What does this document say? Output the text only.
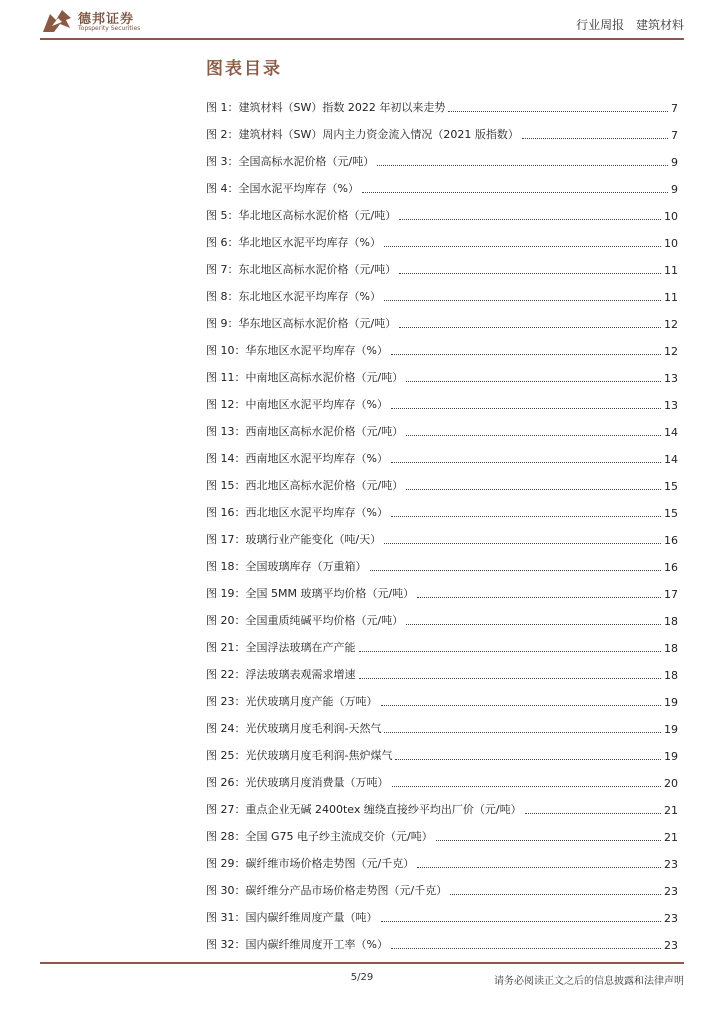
德邦证券
Topsperity Securities	行业周报 建筑材料
图表目录
图 1：建筑材料（SW）指数 2022 年初以来走势	7
图 2：建筑材料（SW）周内主力资金流入情况（2021 版指数）	7
图 3：全国高标水泥价格（元/吨）	9
图 4：全国水泥平均库存（%）	9
图 5：华北地区高标水泥价格（元/吨）	10
图 6：华北地区水泥平均库存（%）	10
图 7：东北地区高标水泥价格（元/吨）	11
图 8：东北地区水泥平均库存（%）	11
图 9：华东地区高标水泥价格（元/吨）	12
图 10：华东地区水泥平均库存（%）	12
图 11：中南地区高标水泥价格（元/吨）	13
图 12：中南地区水泥平均库存（%）	13
图 13：西南地区高标水泥价格（元/吨）	14
图 14：西南地区水泥平均库存（%）	14
图 15：西北地区高标水泥价格（元/吨）	15
图 16：西北地区水泥平均库存（%）	15
图 17：玻璃行业产能变化（吨/天）	16
图 18：全国玻璃库存（万重箱）	16
图 19：全国 5MM 玻璃平均价格（元/吨）	17
图 20：全国重质纯碱平均价格（元/吨）	18
图 21：全国浮法玻璃在产产能	18
图 22：浮法玻璃表观需求增速	18
图 23：光伏玻璃月度产能（万吨）	19
图 24：光伏玻璃月度毛利润-天然气	19
图 25：光伏玻璃月度毛利润-焦炉煤气	19
图 26：光伏玻璃月度消费量（万吨）	20
图 27：重点企业无碱 2400tex 缠绕直接纱平均出厂价（元/吨）	21
图 28：全国 G75 电子纱主流成交价（元/吨）	21
图 29：碳纤维市场价格走势图（元/千克）	23
图 30：碳纤维分产品市场价格走势图（元/千克）	23
图 31：国内碳纤维周度产量（吨）	23
图 32：国内碳纤维周度开工率（%）	23
5/29	请务必阅读正文之后的信息披露和法律声明
